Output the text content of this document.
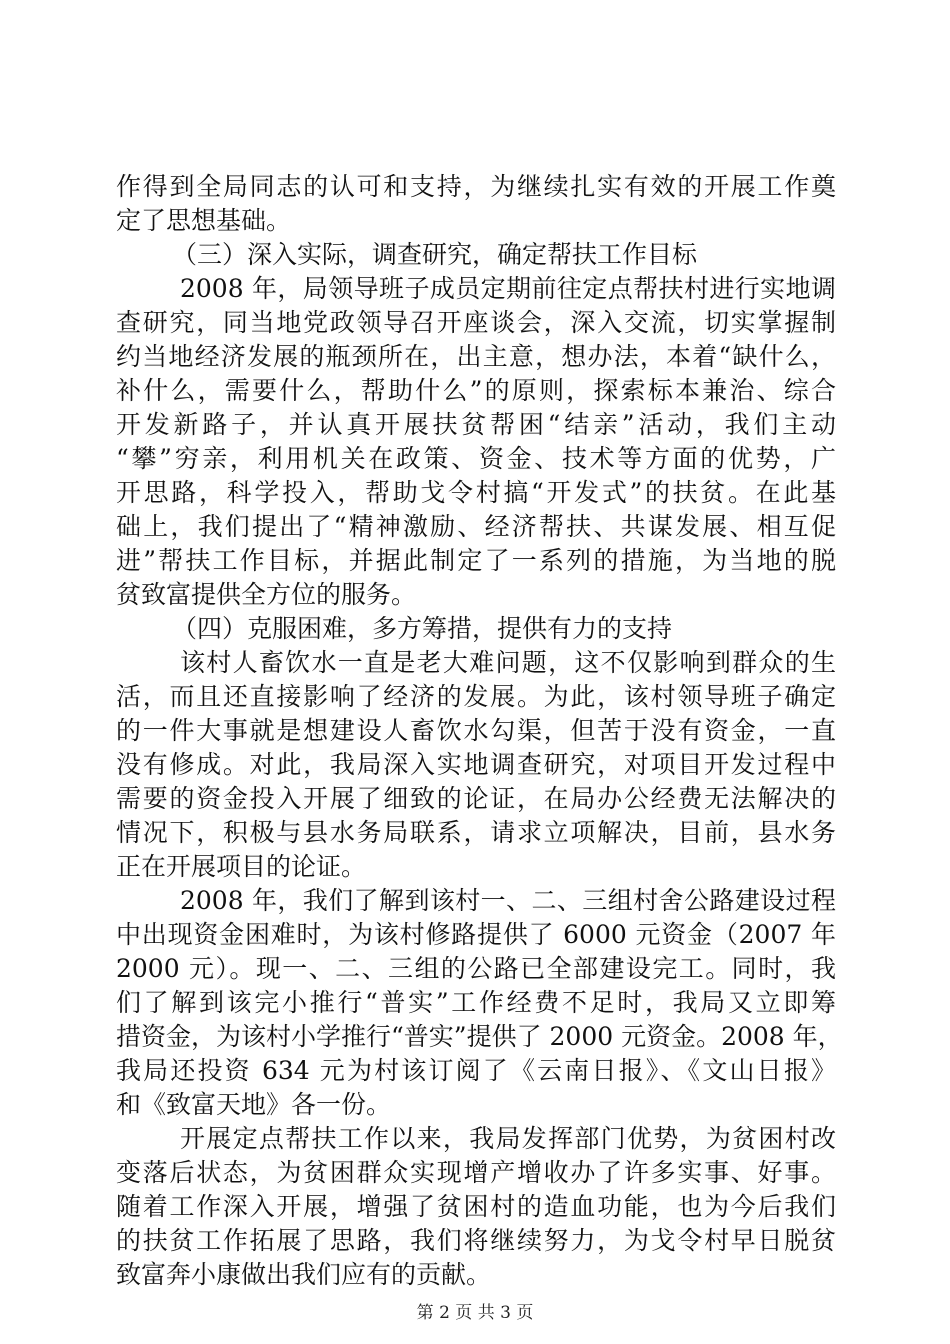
作得到全局同志的认可和支持，为继续扎实有效的开展工作奠
定了思想基础。
（三）深入实际，调查研究，确定帮扶工作目标
2008 年，局领导班子成员定期前往定点帮扶村进行实地调
查研究，同当地党政领导召开座谈会，深入交流，切实掌握制
约当地经济发展的瓶颈所在，出主意，想办法，本着“缺什么，
补什么，需要什么，帮助什么”的原则，探索标本兼治、综合
开发新路子，并认真开展扶贫帮困“结亲”活动，我们主动
“攀”穷亲，利用机关在政策、资金、技术等方面的优势，广
开思路，科学投入，帮助戈令村搞“开发式”的扶贫。在此基
础上，我们提出了“精神激励、经济帮扶、共谋发展、相互促
进”帮扶工作目标，并据此制定了一系列的措施，为当地的脱
贫致富提供全方位的服务。
（四）克服困难，多方筹措，提供有力的支持
该村人畜饮水一直是老大难问题，这不仅影响到群众的生
活，而且还直接影响了经济的发展。为此，该村领导班子确定
的一件大事就是想建设人畜饮水勾渠，但苦于没有资金，一直
没有修成。对此，我局深入实地调查研究，对项目开发过程中
需要的资金投入开展了细致的论证，在局办公经费无法解决的
情况下，积极与县水务局联系，请求立项解决，目前，县水务
正在开展项目的论证。
2008 年，我们了解到该村一、二、三组村舍公路建设过程
中出现资金困难时，为该村修路提供了 6000 元资金（2007 年
2000 元）。现一、二、三组的公路已全部建设完工。同时，我
们了解到该完小推行“普实”工作经费不足时，我局又立即筹
措资金，为该村小学推行“普实”提供了 2000 元资金。2008 年，
我局还投资 634 元为村该订阅了《云南日报》、《文山日报》
和《致富天地》各一份。
开展定点帮扶工作以来，我局发挥部门优势，为贫困村改
变落后状态，为贫困群众实现增产增收办了许多实事、好事。
随着工作深入开展，增强了贫困村的造血功能，也为今后我们
的扶贫工作拓展了思路，我们将继续努力，为戈令村早日脱贫
致富奔小康做出我们应有的贡献。
第 2 页 共 3 页
